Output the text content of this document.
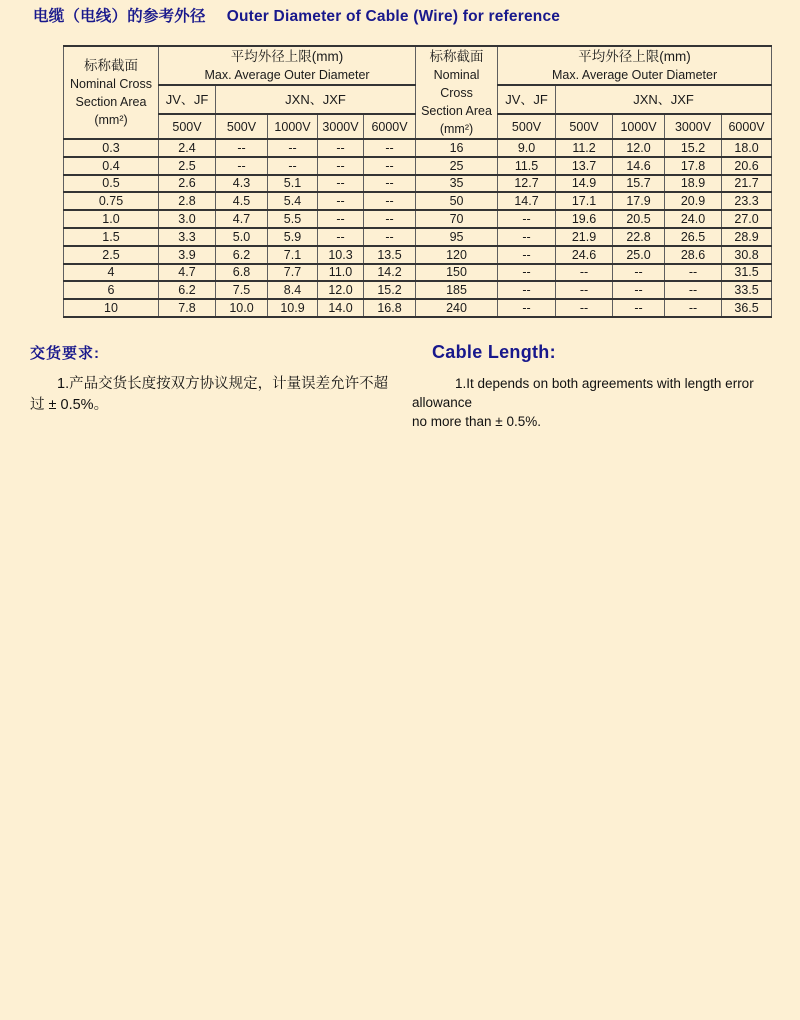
电缆（电线）的参考外径 Outer Diameter of Cable (Wire) for reference
标称截面
Nominal Cross
Section Area
(mm²)

平均外径上限(mm)
Max. Average Outer Diameter

标称截面
Nominal Cross
Section Area
(mm²)

平均外径上限(mm)
Max. Average Outer Diameter

	JV、JF	JXN、JXF					JV、JF	JXN、JXF			
	500V	500V	1000V	3000V	6000V		500V	500V	1000V	3000V	6000V
0.3	2.4	--	--	--	--	16	9.0	11.2	12.0	15.2	18.0
0.4	2.5	--	--	--	--	25	11.5	13.7	14.6	17.8	20.6
0.5	2.6	4.3	5.1	--	--	35	12.7	14.9	15.7	18.9	21.7
0.75	2.8	4.5	5.4	--	--	50	14.7	17.1	17.9	20.9	23.3
1.0	3.0	4.7	5.5	--	--	70	--	19.6	20.5	24.0	27.0
1.5	3.3	5.0	5.9	--	--	95	--	21.9	22.8	26.5	28.9
2.5	3.9	6.2	7.1	10.3	13.5	120	--	24.6	25.0	28.6	30.8
4	4.7	6.8	7.7	11.0	14.2	150	--	--	--	--	31.5
6	6.2	7.5	8.4	12.0	15.2	185	--	--	--	--	33.5
10	7.8	10.0	10.9	14.0	16.8	240	--	--	--	--	36.5
交货要求:

1.产品交货长度按双方协议规定，计量误差允许不超
过 ± 0.5%。

Cable Length:

1.It depends on both agreements with length error allowance
no more than ± 0.5%.
